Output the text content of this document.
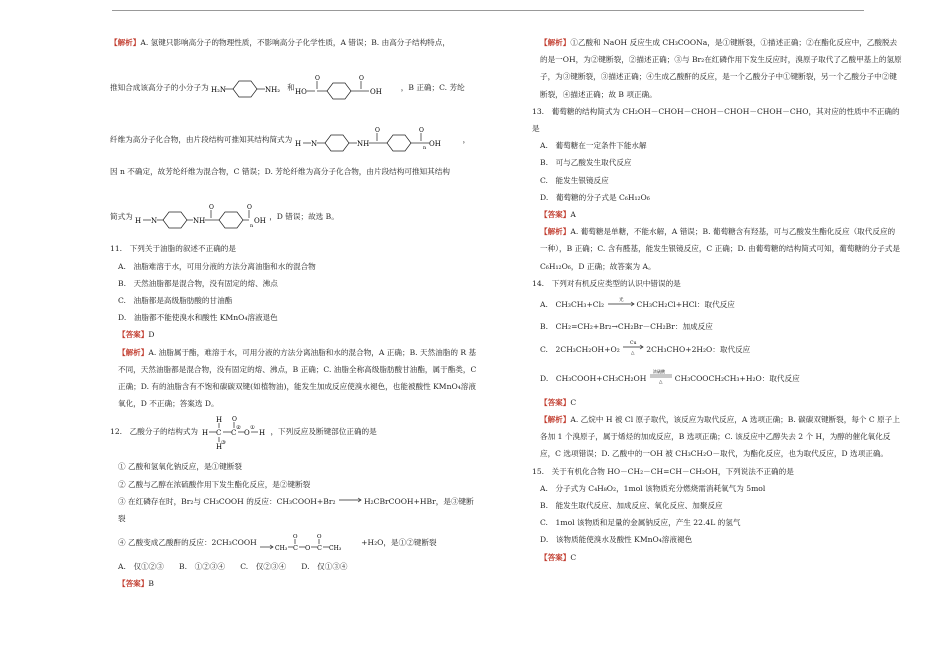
【解析】A. 氢键只影响高分子的物理性质，不影响高分子化学性质，A 错误；B. 由高分子结构特点，

推知合成该高分子的小分子为 H₂N	NH₂ 和 HO
O	O
OH	，B 正确；C. 芳纶

纤维为高分子化合物，由片段结构可推知其结构简式为 H N	NH
O	O
n OH	，

因 n 不确定，故芳纶纤维为混合物，C 错误；D. 芳纶纤维为高分子化合物，由片段结构可推知其结构

简式为 H N	NH
O	O
n
OH ，D 错误；故选 B。

11.　下列关于油脂的叙述不正确的是

A.　油脂难溶于水，可用分液的方法分离油脂和水的混合物

B.　天然油脂都是混合物，没有固定的熔、沸点

C.　油脂都是高级脂肪酸的甘油酯

D.　油脂都不能使溴水和酸性 KMnO₄溶液退色

【答案】D

【解析】A. 油脂属于酯，难溶于水，可用分液的方法分离油脂和水的混合物，A 正确；B. 天然油脂的 R 基不同，天然油脂都是混合物，没有固定的熔、沸点，B 正确；C. 油脂全称高级脂肪酸甘油酯，属于酯类，C 正确；D. 有的油脂含有不饱和碳碳双键(如植物油)，能发生加成反应使溴水褪色，也能被酸性 KMnO₄溶液氧化，D 不正确；答案选 D。

12.　乙酸分子的结构式为 H C
H
H
③
C
O
②
O
①
H ，下列反应及断键部位正确的是

① 乙酸和氢氧化钠反应，是①键断裂

② 乙酸与乙醇在浓硫酸作用下发生酯化反应，是②键断裂

③ 在红磷存在时，Br₂与 CH₃COOH 的反应：CH₃COOH+Br₂ →H₂CBrCOOH+HBr，是③键断裂

④ 乙酸变成乙酸酐的反应：2CH₃COOH
CH₃ C
O
O C
O
CH₃
+H₂O，是①②键断裂

A.　仅①②③　　B.　①②③④　　C.　仅②③④　　D.　仅①③④

【答案】B

【解析】①乙酸和 NaOH 反应生成 CH₃COONa，是①键断裂，①描述正确；②在酯化反应中，乙酸脱去的是一OH，为②键断裂，②描述正确；③与 Br₂在红磷作用下发生反应时，溴原子取代了乙酸甲基上的氢原子，为③键断裂，③描述正确；④生成乙酸酐的反应，是一个乙酸分子中①键断裂，另一个乙酸分子中②键断裂，④描述正确；故 B 项正确。

13.　葡萄糖的结构简式为 CH₂OH－CHOH－CHOH－CHOH－CHOH－CHO，其对应的性质中不正确的是

A.　葡萄糖在一定条件下能水解

B.　可与乙酸发生取代反应

C.　能发生银镜反应

D.　葡萄糖的分子式是 C₆H₁₂O₆

【答案】A

【解析】A. 葡萄糖是单糖，不能水解，A 错误；B. 葡萄糖含有羟基，可与乙酸发生酯化反应（取代反应的一种），B 正确；C. 含有醛基，能发生银镜反应，C 正确；D. 由葡萄糖的结构简式可知，葡萄糖的分子式是 C₆H₁₂O₆，D 正确；故答案为 A。

14.　下列对有机反应类型的认识中错误的是

A.　CH₃CH₃+Cl₂	光 CH₃CH₂Cl+HCl：取代反应

B.　CH₂=CH₂+Br₂→CH₂Br－CH₂Br：加成反应

C.　2CH₃CH₂OH+O₂
Cu
△ 2CH₃CHO+2H₂O：取代反应

D.　CH₃COOH+CH₃CH₂OH
浓硫酸
△ CH₃COOCH₂CH₃+H₂O：取代反应

【答案】C

【解析】A. 乙烷中 H 被 Cl 原子取代，该反应为取代反应，A 选项正确；B. 碳碳双键断裂，每个 C 原子上各加 1 个溴原子，属于烯烃的加成反应，B 选项正确；C. 该反应中乙醇失去 2 个 H，为醇的催化氧化反应，C 选项错误；D. 乙酸中的一OH 被 CH₃CH₂O－取代，为酯化反应，也为取代反应，D 选项正确。

15.　关于有机化合物 HO－CH₂－CH=CH－CH₂OH，下列说法不正确的是

A.　分子式为 C₄H₈O₂，1mol 该物质充分燃烧需消耗氧气为 5mol

B.　能发生取代反应、加成反应、氧化反应、加聚反应

C.　1mol 该物质和足量的金属钠反应，产生 22.4L 的氢气

D.　该物质能使溴水及酸性 KMnO₄溶液褪色

【答案】C
